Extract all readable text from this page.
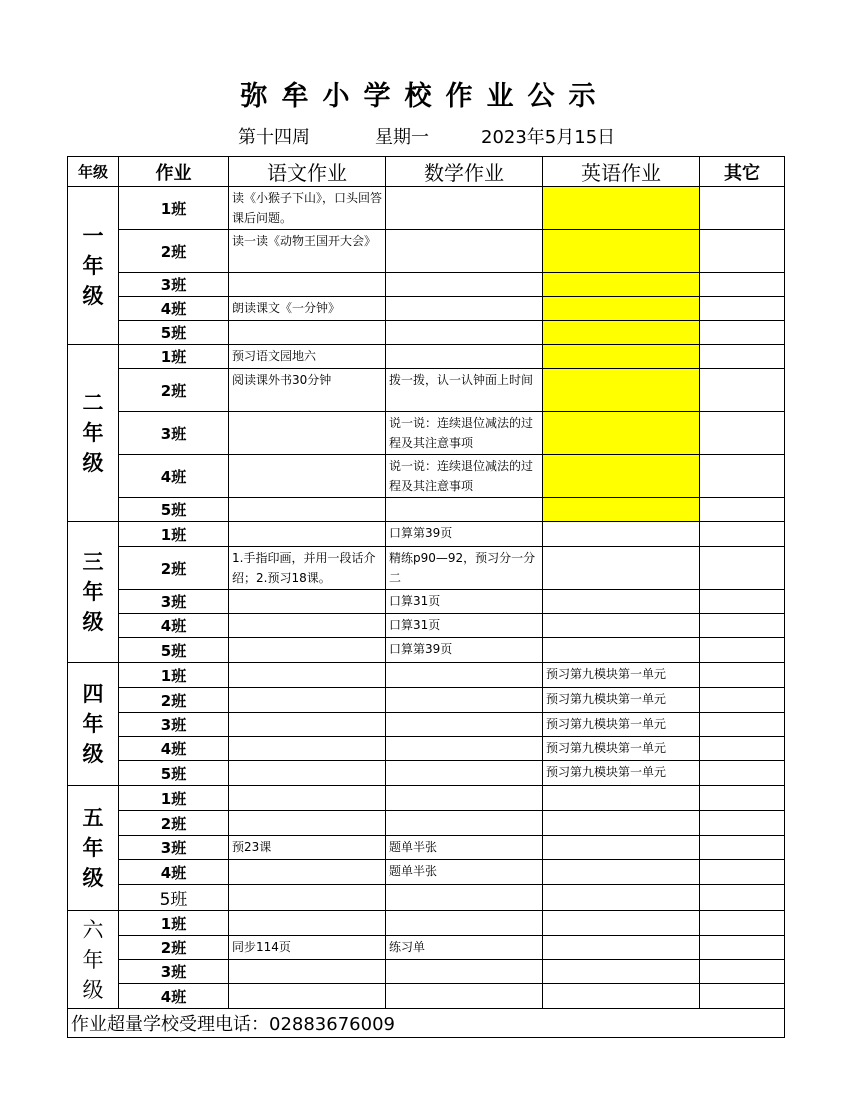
弥牟小学校作业公示
第十四周	星期一	2023年5月15日
年级	作业	语文作业	数学作业	英语作业	其它
一
年
级	1班	读《小猴子下山》，口头回答课后问题。			
	2班	读一读《动物王国开大会》			
	3班				
	4班	朗读课文《一分钟》			
	5班				
二
年
级	1班	预习语文园地六			
	2班	阅读课外书30分钟	拨一拨，认一认钟面上时间		
	3班		说一说：连续退位减法的过程及其注意事项		
	4班		说一说：连续退位减法的过程及其注意事项		
	5班				
三
年
级	1班		口算第39页		
	2班	1.手指印画，并用一段话介绍；2.预习18课。	精练p90—92，预习分一分二		
	3班		口算31页		
	4班		口算31页		
	5班		口算第39页		
四
年
级	1班			预习第九模块第一单元	
	2班			预习第九模块第一单元	
	3班			预习第九模块第一单元	
	4班			预习第九模块第一单元	
	5班			预习第九模块第一单元	
五
年
级	1班				
	2班				
	3班	预23课	题单半张		
	4班		题单半张		
	5班				
六
年
级	1班				
	2班	同步114页	练习单		
	3班				
	4班				
作业超量学校受理电话：02883676009					
